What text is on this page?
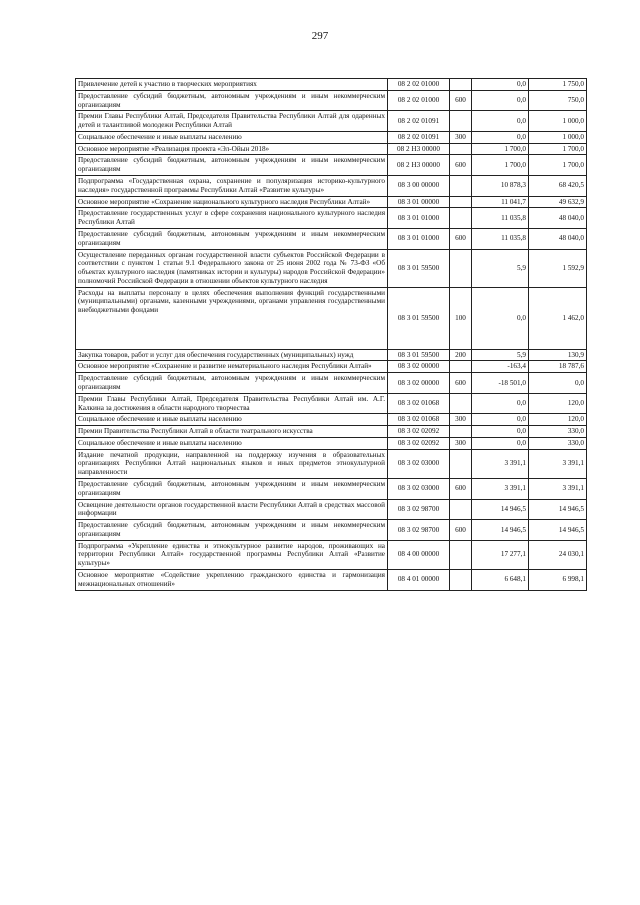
297
Привлечение детей к участию в творческих мероприятиях	08 2 02 01000		0,0	1 750,0
Предоставление субсидий бюджетным, автономным учреждениям и иным некоммерческим организациям	08 2 02 01000	600	0,0	750,0
Премии Главы Республики Алтай, Председателя Правительства Республики Алтай для одаренных детей и талантливой молодежи Республики Алтай	08 2 02 01091		0,0	1 000,0
Социальное обеспечение и иные выплаты населению	08 2 02 01091	300	0,0	1 000,0
Основное мероприятие «Реализация проекта «Эл-Ойын 2018»	08 2 Н3 00000		1 700,0	1 700,0
Предоставление субсидий бюджетным, автономным учреждениям и иным некоммерческим организациям	08 2 Н3 00000	600	1 700,0	1 700,0
Подпрограмма «Государственная охрана, сохранение и популяризация историко-культурного наследия» государственной программы Республики Алтай «Развитие культуры»	08 3 00 00000		10 878,3	68 420,5
Основное мероприятие «Сохранение национального культурного наследия Республики Алтай»	08 3 01 00000		11 041,7	49 632,9
Предоставление государственных услуг в сфере сохранения национального культурного наследия Республики Алтай	08 3 01 01000		11 035,8	48 040,0
Предоставление субсидий бюджетным, автономным учреждениям и иным некоммерческим организациям	08 3 01 01000	600	11 035,8	48 040,0
Осуществление переданных органам государственной власти субъектов Российской Федерации в соответствии с пунктом 1 статьи 9.1 Федерального закона от 25 июня 2002 года № 73-ФЗ «Об объектах культурного наследия (памятниках истории и культуры) народов Российской Федерации» полномочий Российской Федерации в отношении объектов культурного наследия	08 3 01 59500		5,9	1 592,9
Расходы на выплаты персоналу в целях обеспечения выполнения функций государственными (муниципальными) органами, казенными учреждениями, органами управления государственными внебюджетными фондами	08 3 01 59500	100	0,0	1 462,0
Закупка товаров, работ и услуг для обеспечения государственных (муниципальных) нужд	08 3 01 59500	200	5,9	130,9
Основное мероприятие «Сохранение и развитие нематериального наследия Республики Алтай»	08 3 02 00000		-163,4	18 787,6
Предоставление субсидий бюджетным, автономным учреждениям и иным некоммерческим организациям	08 3 02 00000	600	-18 501,0	0,0
Премии Главы Республики Алтай, Председателя Правительства Республики Алтай им. А.Г. Калкина за достижения в области народного творчества	08 3 02 01068		0,0	120,0
Социальное обеспечение и иные выплаты населению	08 3 02 01068	300	0,0	120,0
Премии Правительства Республики Алтай в области театрального искусства	08 3 02 02092		0,0	330,0
Социальное обеспечение и иные выплаты населению	08 3 02 02092	300	0,0	330,0
Издание печатной продукции, направленной на поддержку изучения в образовательных организациях Республики Алтай национальных языков и иных предметов этнокультурной направленности	08 3 02 03000		3 391,1	3 391,1
Предоставление субсидий бюджетным, автономным учреждениям и иным некоммерческим организациям	08 3 02 03000	600	3 391,1	3 391,1
Освещение деятельности органов государственной власти Республики Алтай в средствах массовой информации	08 3 02 98700		14 946,5	14 946,5
Предоставление субсидий бюджетным, автономным учреждениям и иным некоммерческим организациям	08 3 02 98700	600	14 946,5	14 946,5
Подпрограмма «Укрепление единства и этнокультурное развитие народов, проживающих на территории Республики Алтай» государственной программы Республики Алтай «Развитие культуры»	08 4 00 00000		17 277,1	24 030,1
Основное мероприятие «Содействие укреплению гражданского единства и гармонизация межнациональных отношений»	08 4 01 00000		6 648,1	6 998,1
